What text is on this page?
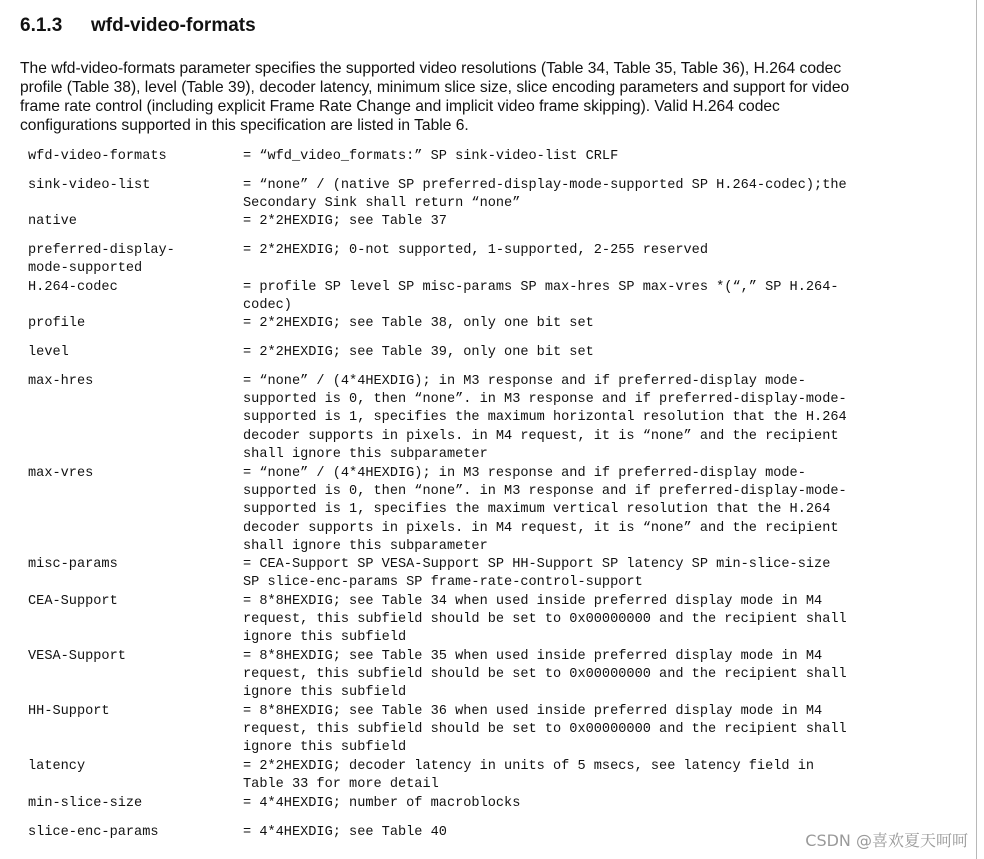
6.1.3 wfd-video-formats
The wfd-video-formats parameter specifies the supported video resolutions (Table 34, Table 35, Table 36), H.264 codec
profile (Table 38), level (Table 39), decoder latency, minimum slice size, slice encoding parameters and support for video
frame rate control (including explicit Frame Rate Change and implicit video frame skipping). Valid H.264 codec
configurations supported in this specification are listed in Table 6.
wfd-video-formats	= “wfd_video_formats:” SP sink-video-list CRLF
sink-video-list	= “none” / (native SP preferred-display-mode-supported SP H.264-codec);the
Secondary Sink shall return “none”
native	= 2*2HEXDIG; see Table 37
preferred-display-
mode-supported
= 2*2HEXDIG; 0-not supported, 1-supported, 2-255 reserved
H.264-codec	= profile SP level SP misc-params SP max-hres SP max-vres *(“,” SP H.264-
codec)
profile	= 2*2HEXDIG; see Table 38, only one bit set
level	= 2*2HEXDIG; see Table 39, only one bit set
max-hres	= “none” / (4*4HEXDIG); in M3 response and if preferred-display mode-
supported is 0, then “none”. in M3 response and if preferred-display-mode-
supported is 1, specifies the maximum horizontal resolution that the H.264
decoder supports in pixels. in M4 request, it is “none” and the recipient
shall ignore this subparameter
max-vres	= “none” / (4*4HEXDIG); in M3 response and if preferred-display mode-
supported is 0, then “none”. in M3 response and if preferred-display-mode-
supported is 1, specifies the maximum vertical resolution that the H.264
decoder supports in pixels. in M4 request, it is “none” and the recipient
shall ignore this subparameter
misc-params	= CEA-Support SP VESA-Support SP HH-Support SP latency SP min-slice-size
SP slice-enc-params SP frame-rate-control-support
CEA-Support	= 8*8HEXDIG; see Table 34 when used inside preferred display mode in M4
request, this subfield should be set to 0x00000000 and the recipient shall
ignore this subfield
VESA-Support	= 8*8HEXDIG; see Table 35 when used inside preferred display mode in M4
request, this subfield should be set to 0x00000000 and the recipient shall
ignore this subfield
HH-Support	= 8*8HEXDIG; see Table 36 when used inside preferred display mode in M4
request, this subfield should be set to 0x00000000 and the recipient shall
ignore this subfield
latency	= 2*2HEXDIG; decoder latency in units of 5 msecs, see latency field in
Table 33 for more detail
min-slice-size	= 4*4HEXDIG; number of macroblocks
slice-enc-params	= 4*4HEXDIG; see Table 40	CSDN @喜欢夏天呵呵
